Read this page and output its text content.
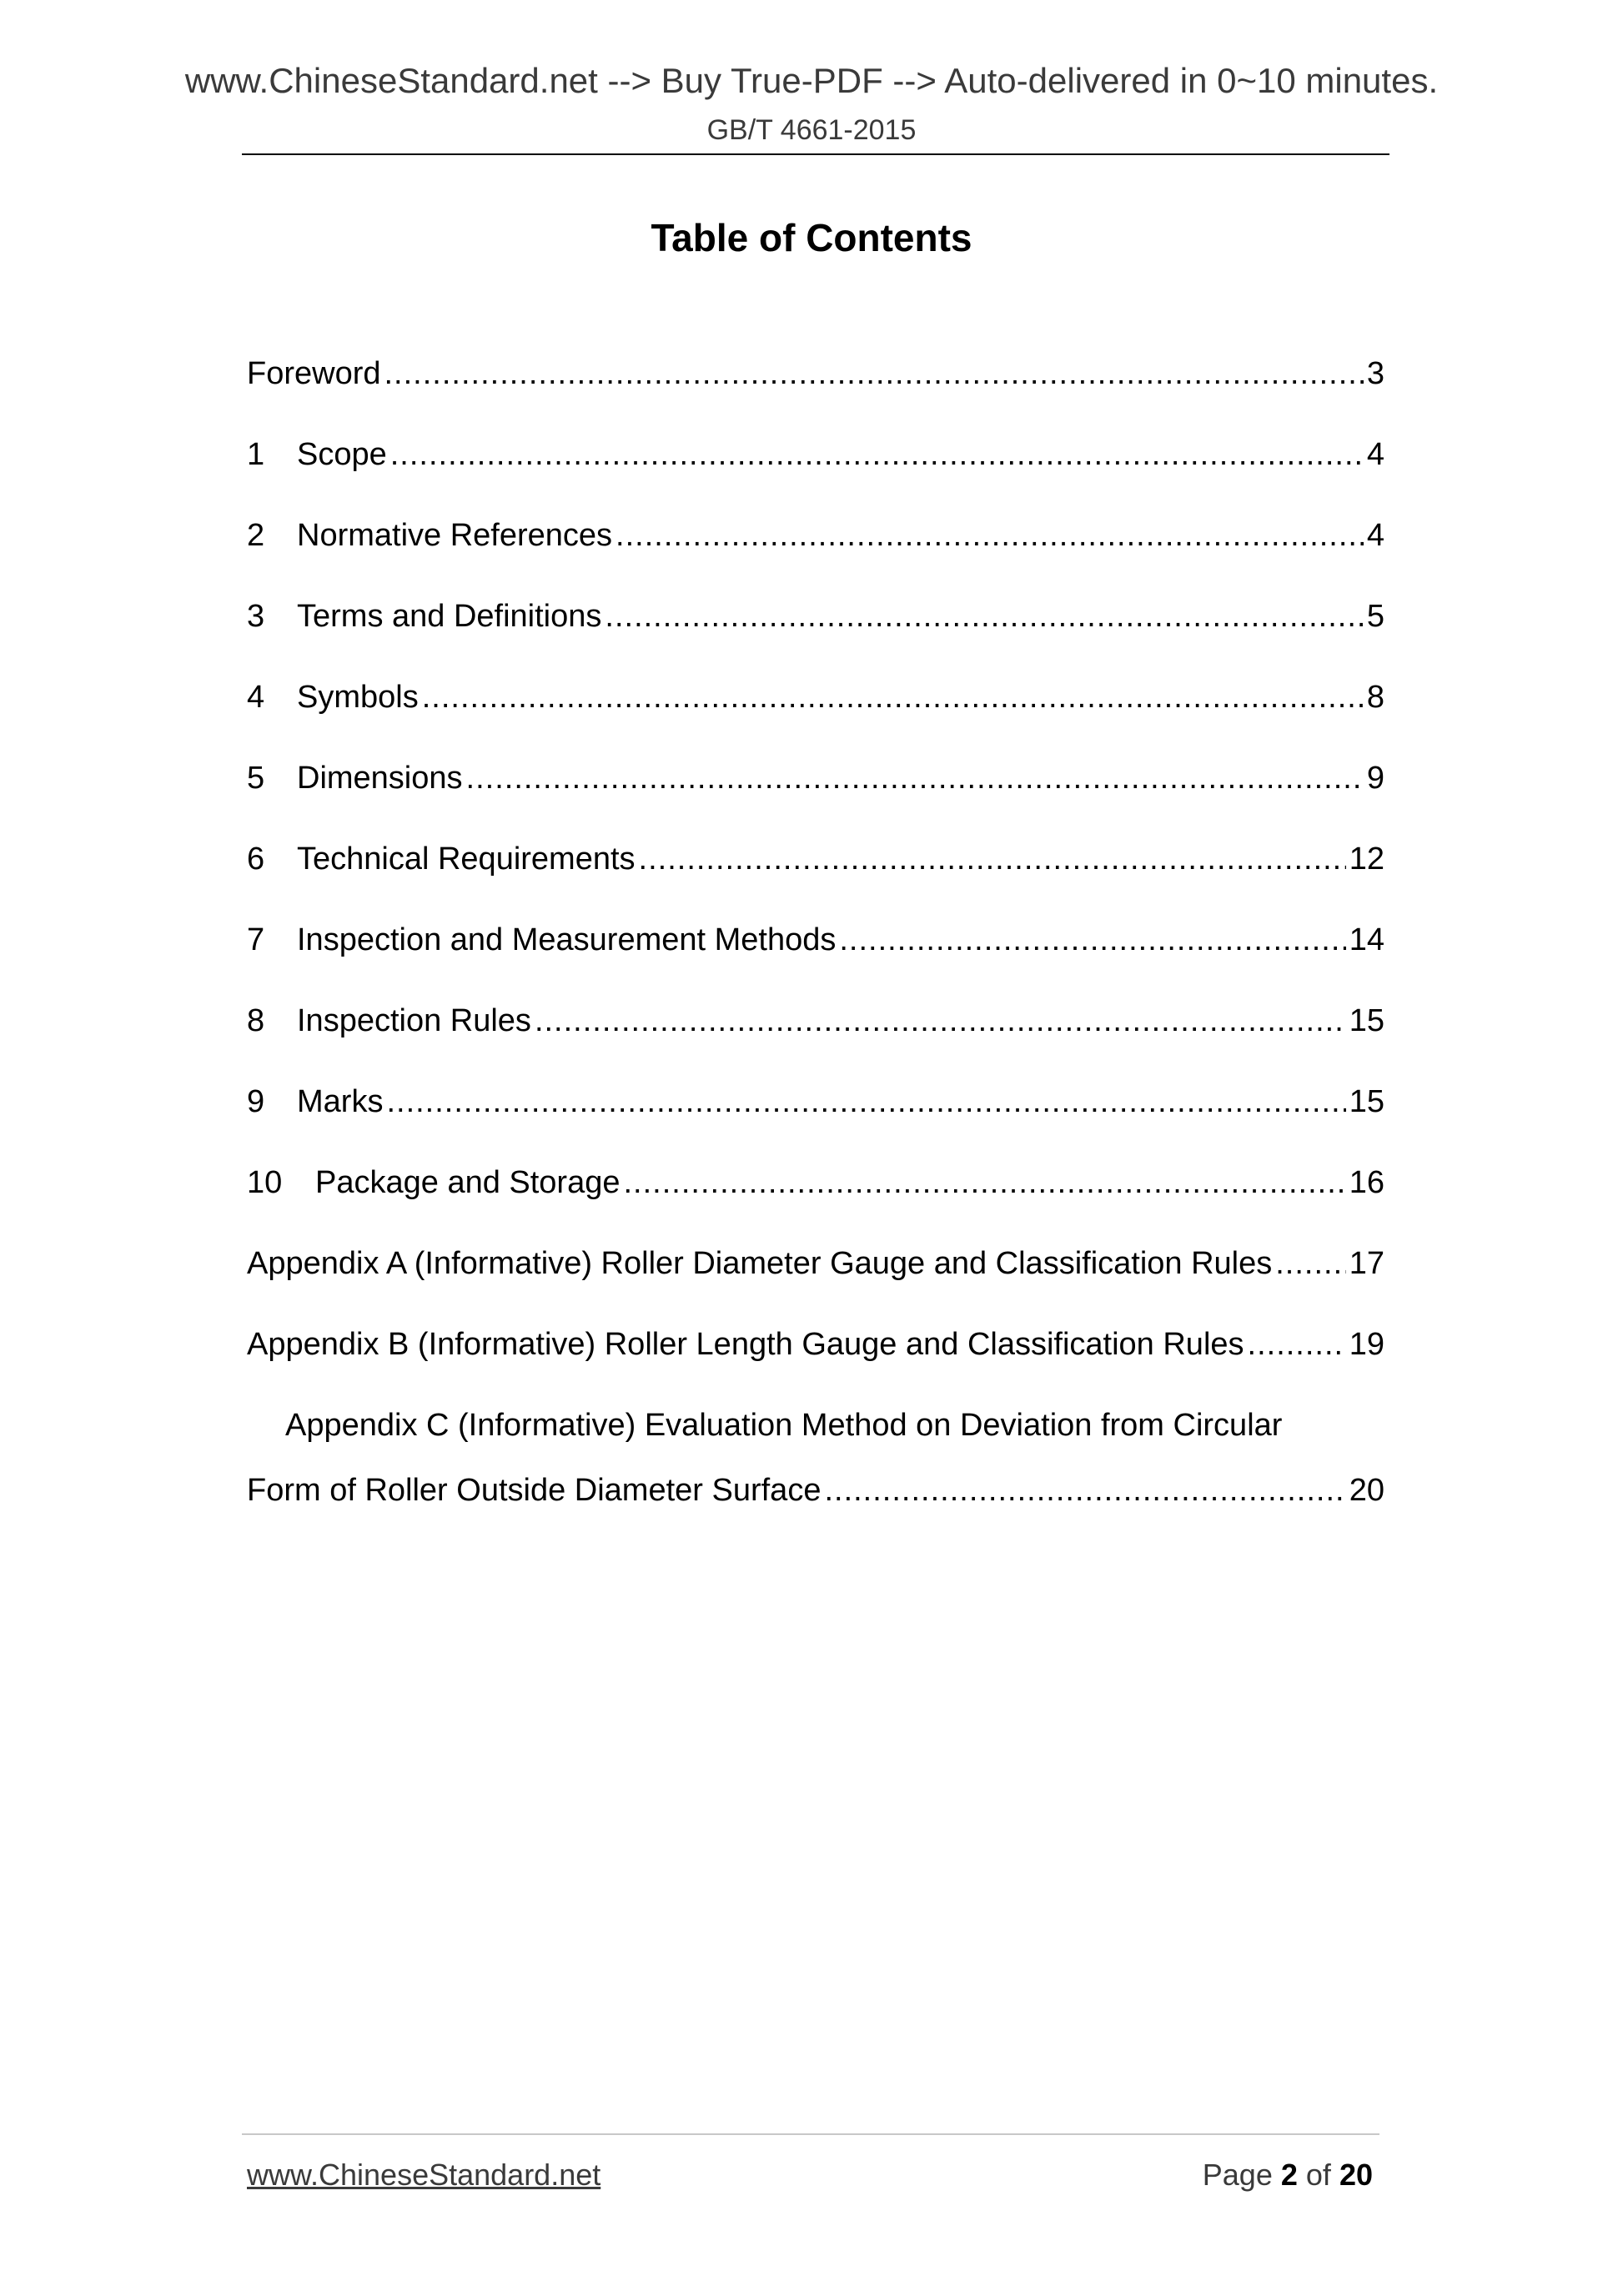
www.ChineseStandard.net --> Buy True-PDF --> Auto-delivered in 0~10 minutes.
GB/T 4661-2015
Table of Contents
Foreword .....	3
1	Scope .....	4
2	Normative References .....	4
3	Terms and Definitions .....	5
4	Symbols .....	8
5	Dimensions .....	9
6	Technical Requirements .....	12
7	Inspection and Measurement Methods .....	14
8	Inspection Rules .....	15
9	Marks .....	15
10	Package and Storage .....	16
Appendix A (Informative) Roller Diameter Gauge and Classification Rules ..... 17
Appendix B (Informative) Roller Length Gauge and Classification Rules .....	19
Appendix C (Informative) Evaluation Method on Deviation from Circular
Form of Roller Outside Diameter Surface .....	20
www.ChineseStandard.net	Page 2 of 20
